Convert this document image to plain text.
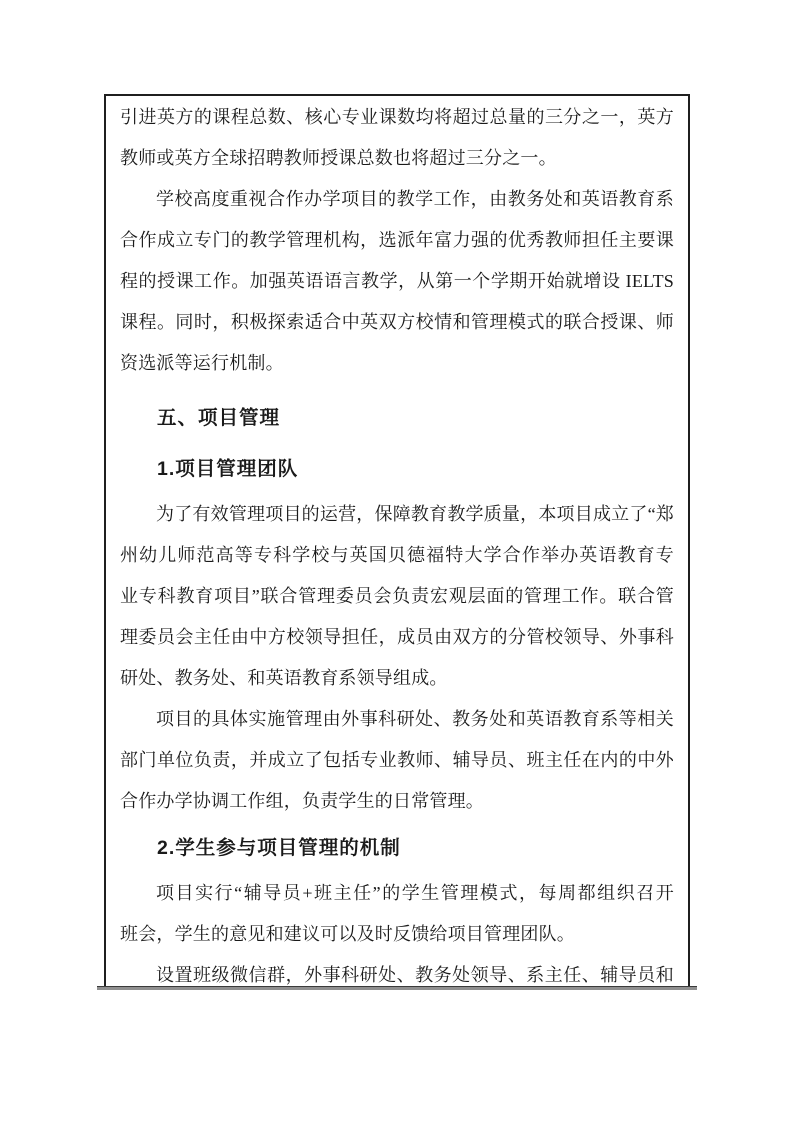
引进英方的课程总数、核心专业课数均将超过总量的三分之一，英方
教师或英方全球招聘教师授课总数也将超过三分之一。
学校高度重视合作办学项目的教学工作，由教务处和英语教育系
合作成立专门的教学管理机构，选派年富力强的优秀教师担任主要课
程的授课工作。加强英语语言教学，从第一个学期开始就增设 IELTS
课程。同时，积极探索适合中英双方校情和管理模式的联合授课、师
资选派等运行机制。
五、项目管理
1.项目管理团队
为了有效管理项目的运营，保障教育教学质量，本项目成立了“郑
州幼儿师范高等专科学校与英国贝德福特大学合作举办英语教育专
业专科教育项目”联合管理委员会负责宏观层面的管理工作。联合管
理委员会主任由中方校领导担任，成员由双方的分管校领导、外事科
研处、教务处、和英语教育系领导组成。
项目的具体实施管理由外事科研处、教务处和英语教育系等相关
部门单位负责，并成立了包括专业教师、辅导员、班主任在内的中外
合作办学协调工作组，负责学生的日常管理。
2.学生参与项目管理的机制
项目实行“辅导员+班主任”的学生管理模式，每周都组织召开
班会，学生的意见和建议可以及时反馈给项目管理团队。
设置班级微信群，外事科研处、教务处领导、系主任、辅导员和
